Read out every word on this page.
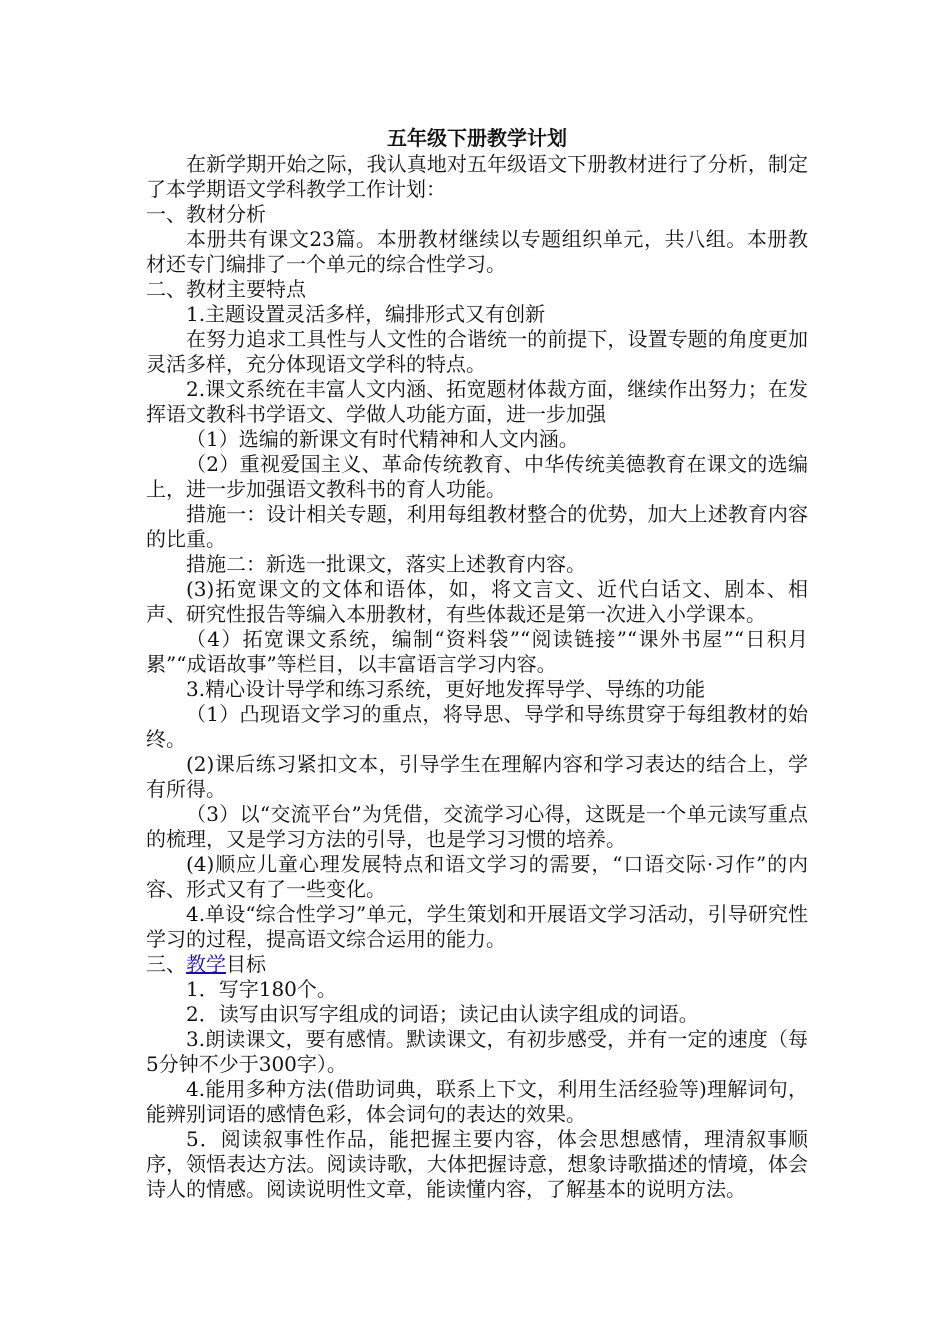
五年级下册教学计划

在新学期开始之际，我认真地对五年级语文下册教材进行了分析，制定了本学期语文学科教学工作计划：

一、教材分析

本册共有课文23篇。本册教材继续以专题组织单元，共八组。本册教材还专门编排了一个单元的综合性学习。

二、教材主要特点

1.主题设置灵活多样，编排形式又有创新

在努力追求工具性与人文性的合谐统一的前提下，设置专题的角度更加灵活多样，充分体现语文学科的特点。

2.课文系统在丰富人文内涵、拓宽题材体裁方面，继续作出努力；在发挥语文教科书学语文、学做人功能方面，进一步加强

（1）选编的新课文有时代精神和人文内涵。

（2）重视爱国主义、革命传统教育、中华传统美德教育在课文的选编上，进一步加强语文教科书的育人功能。

措施一：设计相关专题，利用每组教材整合的优势，加大上述教育内容的比重。

措施二：新选一批课文，落实上述教育内容。

(3)拓宽课文的文体和语体，如，将文言文、近代白话文、剧本、相声、研究性报告等编入本册教材，有些体裁还是第一次进入小学课本。

（4）拓宽课文系统，编制“资料袋”“阅读链接”“课外书屋”“日积月累”“成语故事”等栏目，以丰富语言学习内容。

3.精心设计导学和练习系统，更好地发挥导学、导练的功能

（1）凸现语文学习的重点，将导思、导学和导练贯穿于每组教材的始终。

(2)课后练习紧扣文本，引导学生在理解内容和学习表达的结合上，学有所得。

（3）以“交流平台”为凭借，交流学习心得，这既是一个单元读写重点的梳理，又是学习方法的引导，也是学习习惯的培养。

(4)顺应儿童心理发展特点和语文学习的需要，“口语交际·习作”的内容、形式又有了一些变化。

4.单设“综合性学习”单元，学生策划和开展语文学习活动，引导研究性学习的过程，提高语文综合运用的能力。

三、教学目标

1．写字180个。

2．读写由识写字组成的词语；读记由认读字组成的词语。

3.朗读课文，要有感情。默读课文，有初步感受，并有一定的速度（每5分钟不少于300字）。

4.能用多种方法(借助词典，联系上下文，利用生活经验等)理解词句，能辨别词语的感情色彩，体会词句的表达的效果。

5．阅读叙事性作品，能把握主要内容，体会思想感情，理清叙事顺序，领悟表达方法。阅读诗歌，大体把握诗意，想象诗歌描述的情境，体会诗人的情感。阅读说明性文章，能读懂内容，了解基本的说明方法。
